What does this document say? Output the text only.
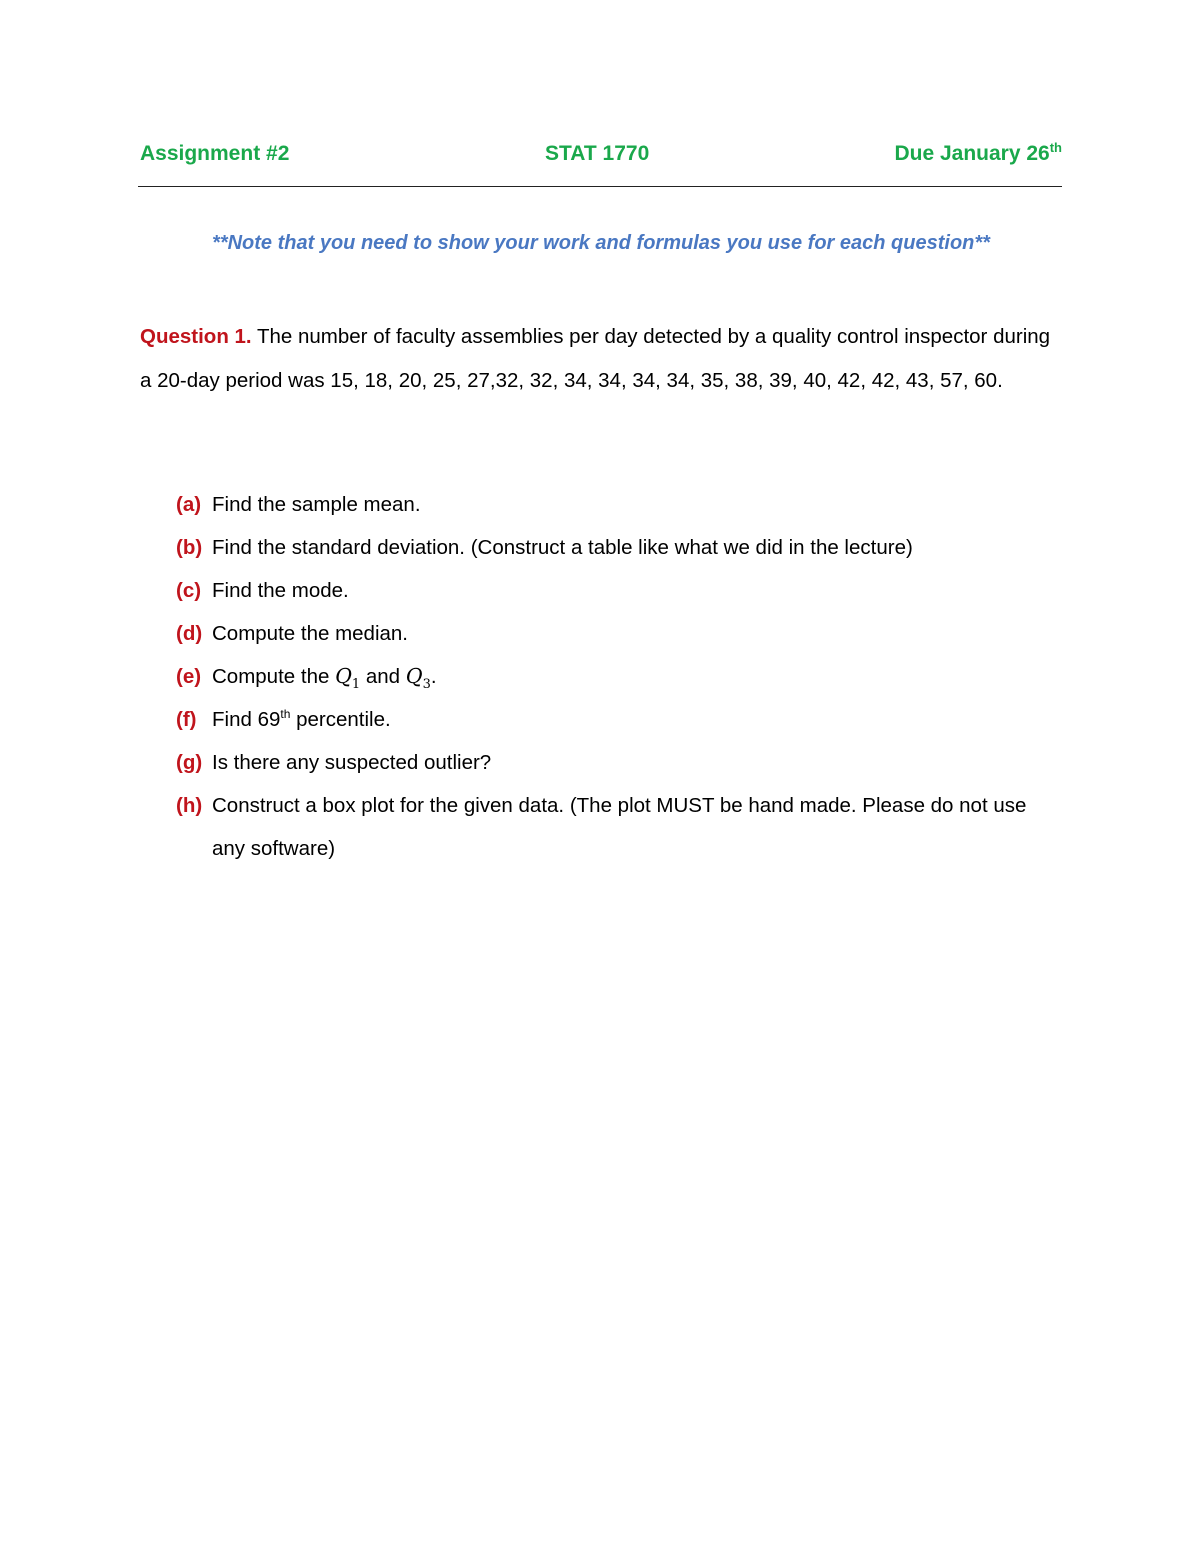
Assignment #2	STAT 1770	Due January 26th
**Note that you need to show your work and formulas you use for each question**
Question 1. The number of faculty assemblies per day detected by a quality control inspector during a 20-day period was 15, 18, 20, 25, 27,32, 32, 34, 34, 34, 34, 35, 38, 39, 40, 42, 42, 43, 57, 60.
(a) Find the sample mean.
(b) Find the standard deviation. (Construct a table like what we did in the lecture)
(c) Find the mode.
(d) Compute the median.
(e) Compute the $Q_1$ and $Q_3$.
(f) Find 69th percentile.
(g) Is there any suspected outlier?
(h) Construct a box plot for the given data. (The plot MUST be hand made. Please do not use any software)
